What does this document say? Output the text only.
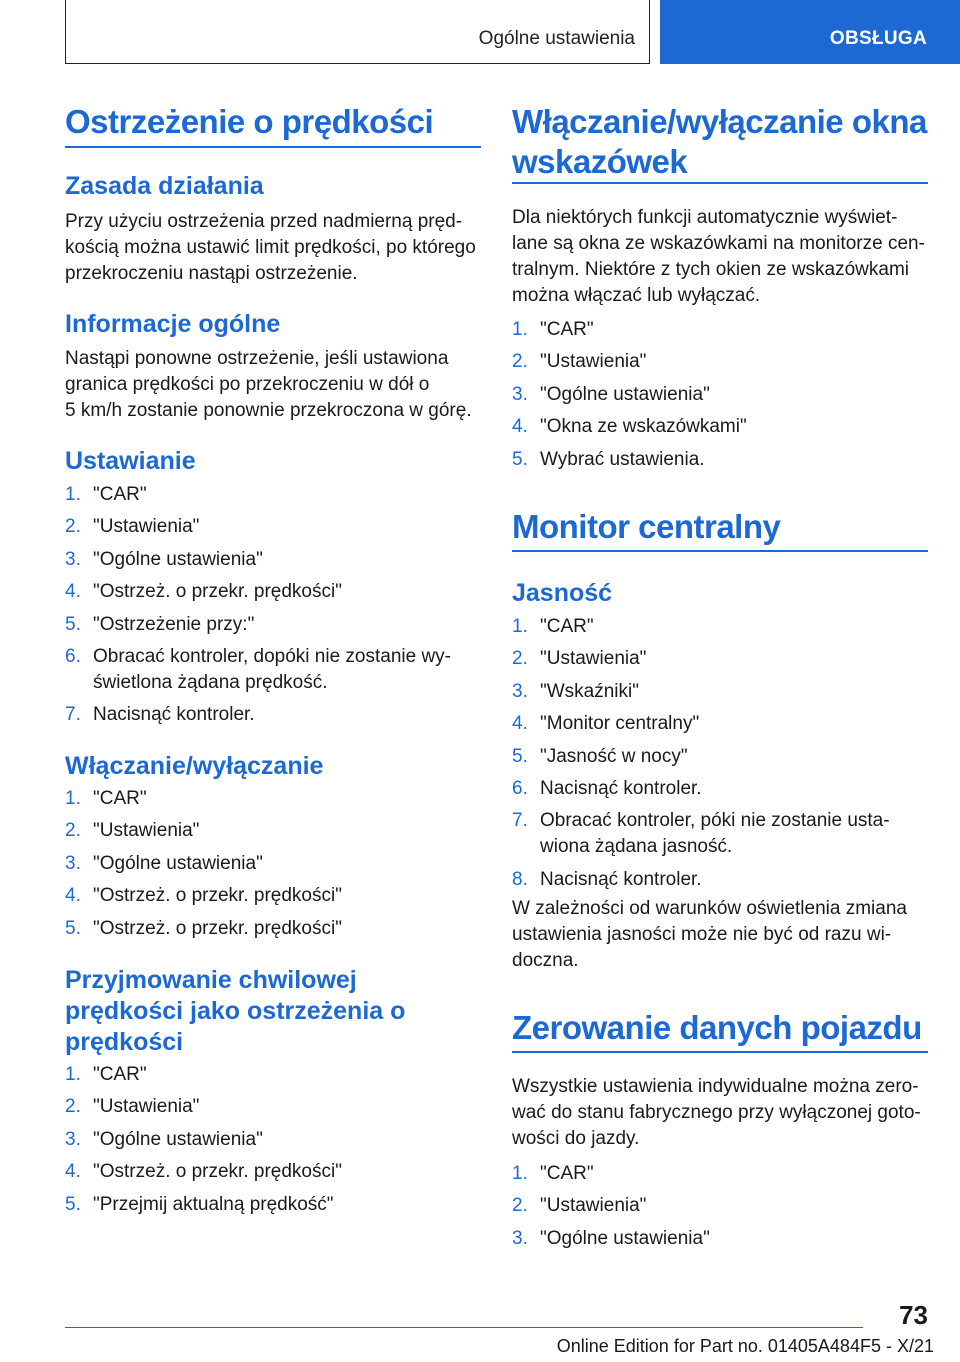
Ogólne ustawienia	OBSŁUGA
Ostrzeżenie o prędkości
Zasada działania
Przy użyciu ostrzeżenia przed nadmierną pręd-
kością można ustawić limit prędkości, po którego
przekroczeniu nastąpi ostrzeżenie.
Informacje ogólne
Nastąpi ponowne ostrzeżenie, jeśli ustawiona
granica prędkości po przekroczeniu w dół o
5 km/h zostanie ponownie przekroczona w górę.
Ustawianie
1. "CAR"
2. "Ustawienia"
3. "Ogólne ustawienia"
4. "Ostrzeż. o przekr. prędkości"
5. "Ostrzeżenie przy:"
6. Obracać kontroler, dopóki nie zostanie wy-
świetlona żądana prędkość.
7. Nacisnąć kontroler.
Włączanie/wyłączanie
1. "CAR"
2. "Ustawienia"
3. "Ogólne ustawienia"
4. "Ostrzeż. o przekr. prędkości"
5. "Ostrzeż. o przekr. prędkości"
Przyjmowanie chwilowej
prędkości jako ostrzeżenia o
prędkości
1. "CAR"
2. "Ustawienia"
3. "Ogólne ustawienia"
4. "Ostrzeż. o przekr. prędkości"
5. "Przejmij aktualną prędkość"
Włączanie/wyłączanie okna
wskazówek
Dla niektórych funkcji automatycznie wyświet-
lane są okna ze wskazówkami na monitorze cen-
tralnym. Niektóre z tych okien ze wskazówkami
można włączać lub wyłączać.
1. "CAR"
2. "Ustawienia"
3. "Ogólne ustawienia"
4. "Okna ze wskazówkami"
5. Wybrać ustawienia.
Monitor centralny
Jasność
1. "CAR"
2. "Ustawienia"
3. "Wskaźniki"
4. "Monitor centralny"
5. "Jasność w nocy"
6. Nacisnąć kontroler.
7. Obracać kontroler, póki nie zostanie usta-
wiona żądana jasność.
8. Nacisnąć kontroler.
W zależności od warunków oświetlenia zmiana
ustawienia jasności może nie być od razu wi-
doczna.
Zerowanie danych pojazdu
Wszystkie ustawienia indywidualne można zero-
wać do stanu fabrycznego przy wyłączonej goto-
wości do jazdy.
1. "CAR"
2. "Ustawienia"
3. "Ogólne ustawienia"
73
Online Edition for Part no. 01405A484F5 - X/21
